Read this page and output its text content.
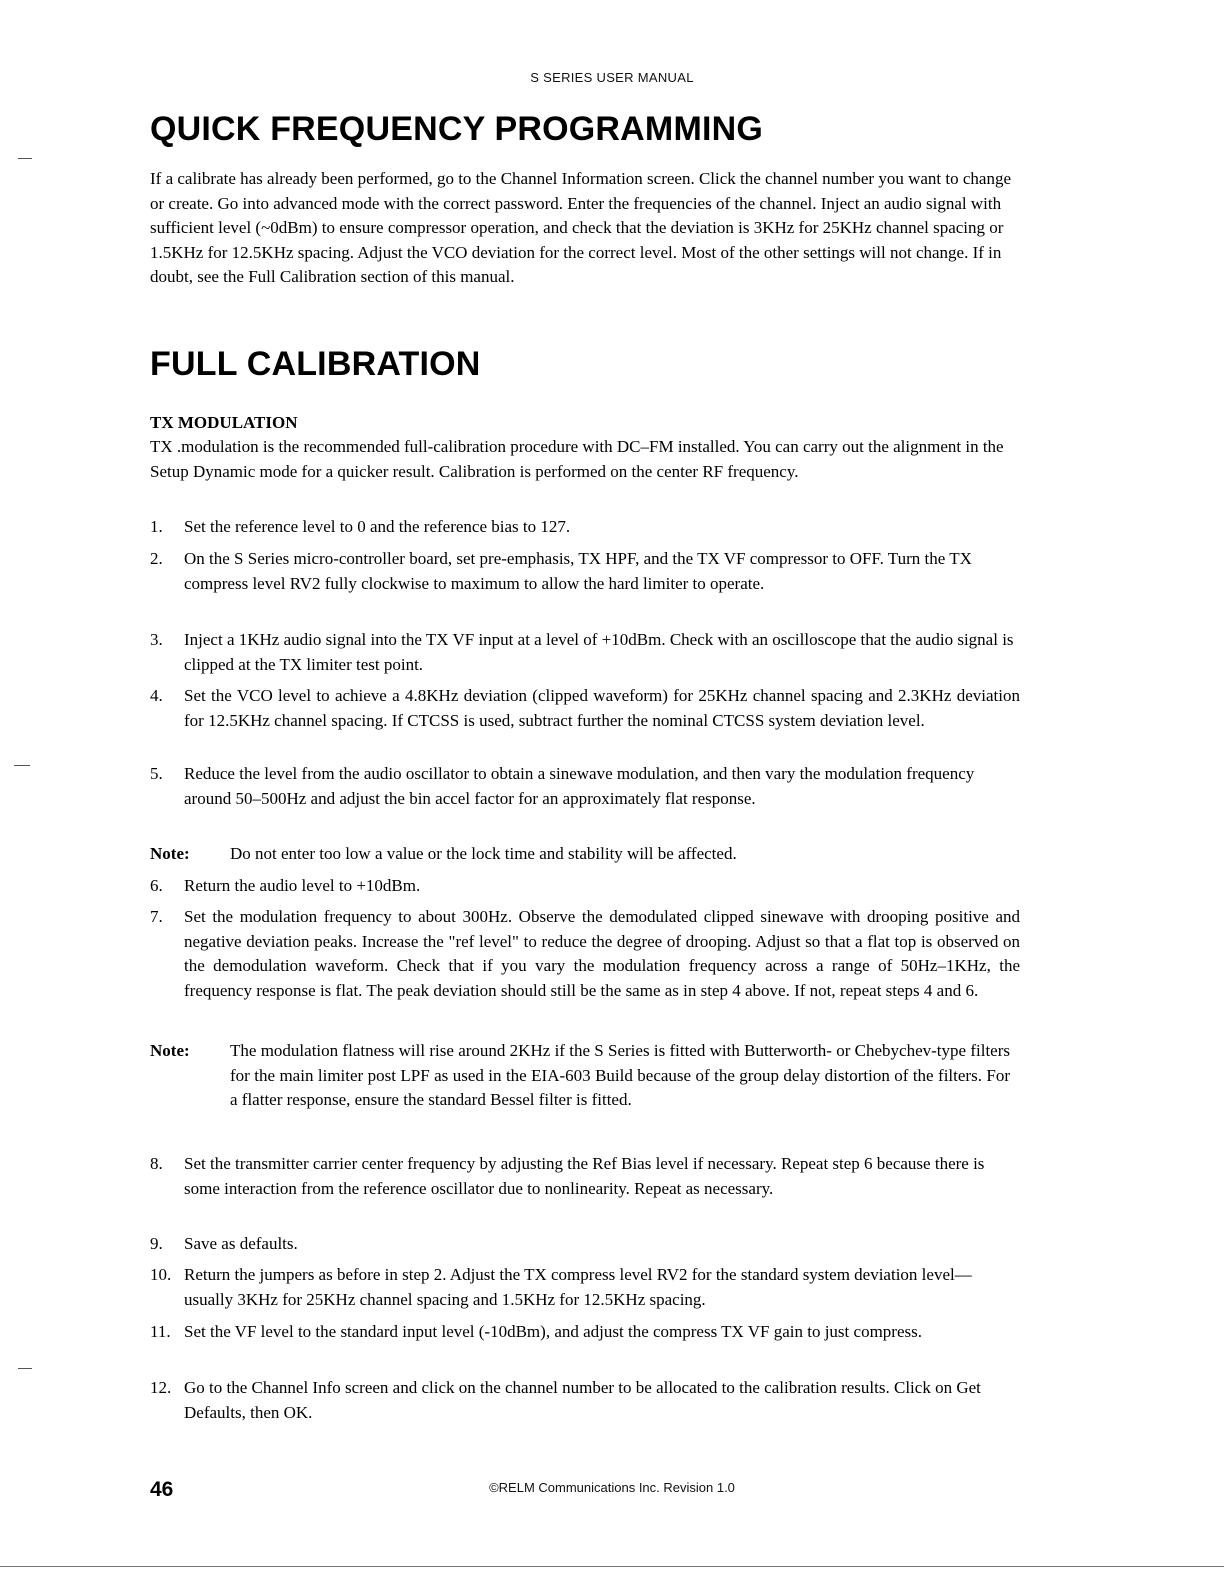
S SERIES USER MANUAL
QUICK FREQUENCY PROGRAMMING

If a calibrate has already been performed, go to the Channel Information screen. Click the channel number you want to change or create. Go into advanced mode with the correct password. Enter the frequencies of the channel. Inject an audio signal with sufficient level (~0dBm) to ensure compressor operation, and check that the deviation is 3KHz for 25KHz channel spacing or 1.5KHz for 12.5KHz spacing. Adjust the VCO deviation for the correct level. Most of the other settings will not change. If in doubt, see the Full Calibration section of this manual.

FULL CALIBRATION

TX MODULATION

TX .modulation is the recommended full-calibration procedure with DC–FM installed. You can carry out the alignment in the Setup Dynamic mode for a quicker result. Calibration is performed on the center RF frequency.

1.	Set the reference level to 0 and the reference bias to 127.
2.	On the S Series micro-controller board, set pre-emphasis, TX HPF, and the TX VF compressor to OFF. Turn the TX compress level RV2 fully clockwise to maximum to allow the hard limiter to operate.
3.	Inject a 1KHz audio signal into the TX VF input at a level of +10dBm. Check with an oscilloscope that the audio signal is clipped at the TX limiter test point.
4.	Set the VCO level to achieve a 4.8KHz deviation (clipped waveform) for 25KHz channel spacing and 2.3KHz deviation for 12.5KHz channel spacing. If CTCSS is used, subtract further the nominal CTCSS system deviation level.
5.	Reduce the level from the audio oscillator to obtain a sinewave modulation, and then vary the modulation frequency around 50–500Hz and adjust the bin accel factor for an approximately flat response.
Note:	Do not enter too low a value or the lock time and stability will be affected.
6.	Return the audio level to +10dBm.
7.	Set the modulation frequency to about 300Hz. Observe the demodulated clipped sinewave with drooping positive and negative deviation peaks. Increase the "ref level" to reduce the degree of drooping. Adjust so that a flat top is observed on the demodulation waveform. Check that if you vary the modulation frequency across a range of 50Hz–1KHz, the frequency response is flat. The peak deviation should still be the same as in step 4 above. If not, repeat steps 4 and 6.
Note:	The modulation flatness will rise around 2KHz if the S Series is fitted with Butterworth- or Chebychev-type filters for the main limiter post LPF as used in the EIA-603 Build because of the group delay distortion of the filters. For a flatter response, ensure the standard Bessel filter is fitted.
8.	Set the transmitter carrier center frequency by adjusting the Ref Bias level if necessary. Repeat step 6 because there is some interaction from the reference oscillator due to nonlinearity. Repeat as necessary.
9.	Save as defaults.
10. Return the jumpers as before in step 2. Adjust the TX compress level RV2 for the standard system deviation level—usually 3KHz for 25KHz channel spacing and 1.5KHz for 12.5KHz spacing.
11. Set the VF level to the standard input level (-10dBm), and adjust the compress TX VF gain to just compress.
12. Go to the Channel Info screen and click on the channel number to be allocated to the calibration results. Click on Get Defaults, then OK.
46	©RELM Communications Inc. Revision 1.0
